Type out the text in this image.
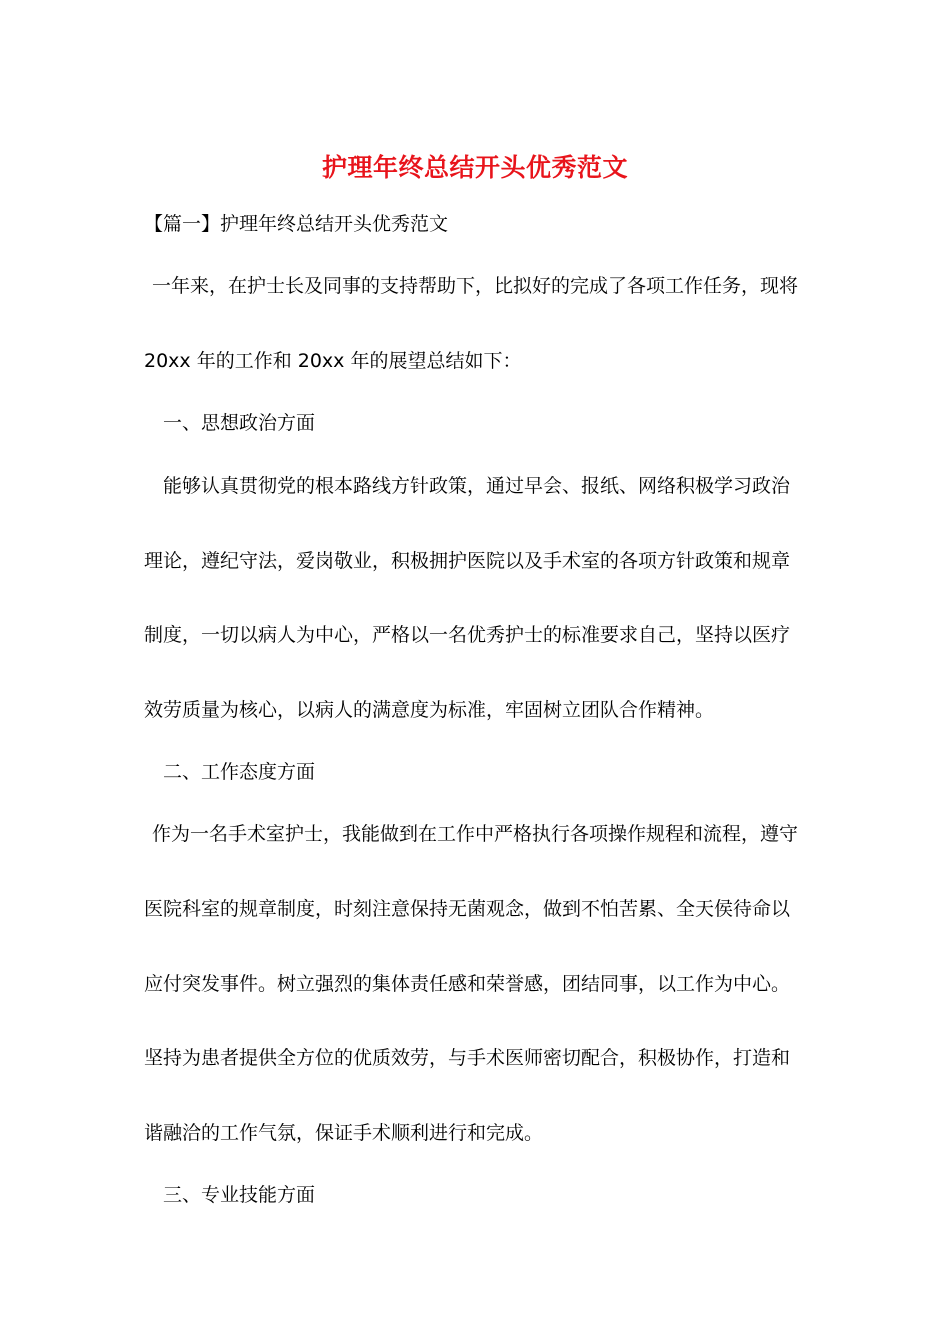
护理年终总结开头优秀范文

【篇一】护理年终总结开头优秀范文

一年来，在护士长及同事的支持帮助下，比拟好的完成了各项工作任务，现将

20xx 年的工作和 20xx 年的展望总结如下：

一、思想政治方面

能够认真贯彻党的根本路线方针政策，通过早会、报纸、网络积极学习政治

理论，遵纪守法，爱岗敬业，积极拥护医院以及手术室的各项方针政策和规章

制度，一切以病人为中心，严格以一名优秀护士的标准要求自己，坚持以医疗

效劳质量为核心，以病人的满意度为标准，牢固树立团队合作精神。

二、工作态度方面

作为一名手术室护士，我能做到在工作中严格执行各项操作规程和流程，遵守

医院科室的规章制度，时刻注意保持无菌观念，做到不怕苦累、全天侯待命以

应付突发事件。树立强烈的集体责任感和荣誉感，团结同事，以工作为中心。

坚持为患者提供全方位的优质效劳，与手术医师密切配合，积极协作，打造和

谐融洽的工作气氛，保证手术顺利进行和完成。

三、专业技能方面
